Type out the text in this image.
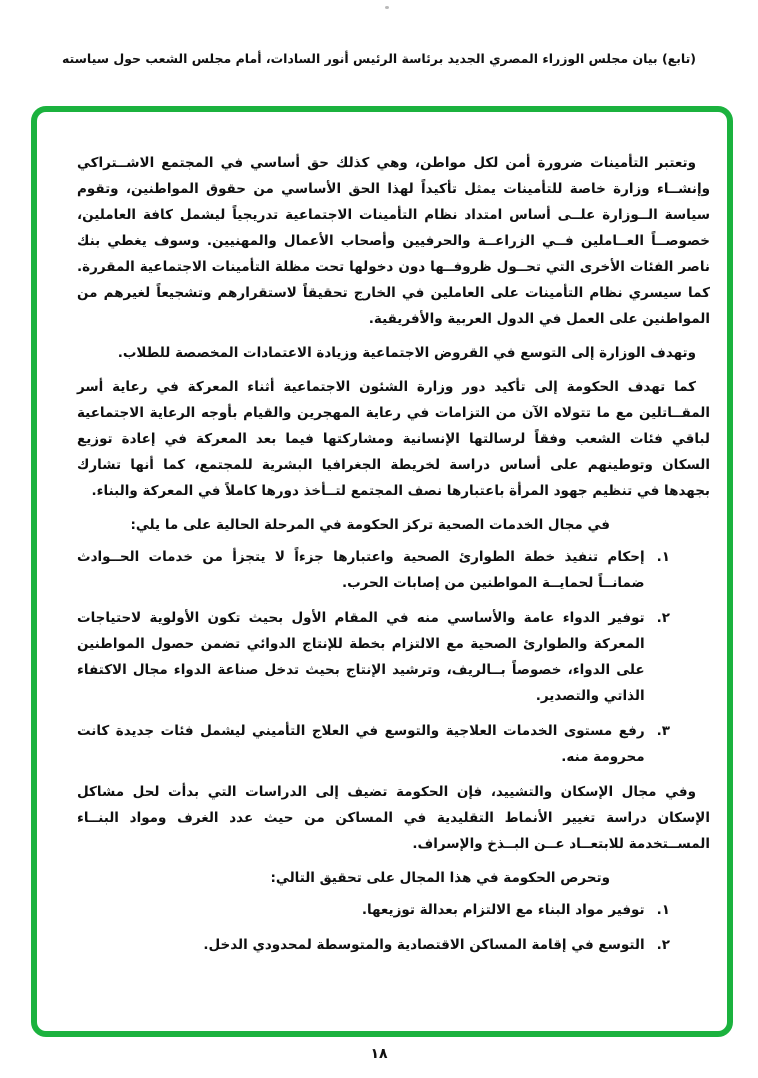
(تابع) بيان مجلس الوزراء المصري الجديد برئاسة الرئيس أنور السادات، أمام مجلس الشعب حول سياسته

وتعتبر التأمينات ضرورة أمن لكل مواطن، وهي كذلك حق أساسي في المجتمع الاشــتراكي وإنشــاء وزارة خاصة للتأمينات يمثل تأكيداً لهذا الحق الأساسي من حقوق المواطنين، وتقوم سياسة الــوزارة علــى أساس امتداد نظام التأمينات الاجتماعية تدريجياً ليشمل كافة العاملين، خصوصــاً العــاملين فــي الزراعــة والحرفيين وأصحاب الأعمال والمهنيين. وسوف يغطي بنك ناصر الفئات الأخرى التي تحــول ظروفــها دون دخولها تحت مظلة التأمينات الاجتماعية المقررة. كما سيسري نظام التأمينات على العاملين في الخارج تحقيقاً لاستقرارهم وتشجيعاً لغيرهم من المواطنين على العمل في الدول العربية والأفريقية.

وتهدف الوزارة إلى التوسع في القروض الاجتماعية وزيادة الاعتمادات المخصصة للطلاب.

كما تهدف الحكومة إلى تأكيد دور وزارة الشئون الاجتماعية أثناء المعركة في رعاية أسر المقــاتلين مع ما تتولاه الآن من التزامات في رعاية المهجرين والقيام بأوجه الرعاية الاجتماعية لباقي فئات الشعب وفقاً لرسالتها الإنسانية ومشاركتها فيما بعد المعركة في إعادة توزيع السكان وتوطينهم على أساس دراسة لخريطة الجغرافيا البشرية للمجتمع، كما أنها تشارك بجهدها في تنظيم جهود المرأة باعتبارها نصف المجتمع لتــأخذ دورها كاملاً في المعركة والبناء.

في مجال الخدمات الصحية تركز الحكومة في المرحلة الحالية على ما يلي:

١.
إحكام تنفيذ خطة الطوارئ الصحية واعتبارها جزءاً لا يتجزأ من خدمات الحــوادث ضمانــاً لحمايــة المواطنين من إصابات الحرب.
٢.
توفير الدواء عامة والأساسي منه في المقام الأول بحيث تكون الأولوية لاحتياجات المعركة والطوارئ الصحية مع الالتزام بخطة للإنتاج الدوائي تضمن حصول المواطنين على الدواء، خصوصاً بــالريف، وترشيد الإنتاج بحيث تدخل صناعة الدواء مجال الاكتفاء الذاتي والتصدير.
٣.
رفع مستوى الخدمات العلاجية والتوسع في العلاج التأميني ليشمل فئات جديدة كانت محرومة منه.

وفي مجال الإسكان والتشييد، فإن الحكومة تضيف إلى الدراسات التي بدأت لحل مشاكل الإسكان دراسة تغيير الأنماط التقليدية في المساكن من حيث عدد الغرف ومواد البنــاء المســتخدمة للابتعــاد عــن البــذخ والإسراف.

وتحرص الحكومة في هذا المجال على تحقيق التالي:

١.
توفير مواد البناء مع الالتزام بعدالة توزيعها.
٢.
التوسع في إقامة المساكن الاقتصادية والمتوسطة لمحدودي الدخل.
١٨
